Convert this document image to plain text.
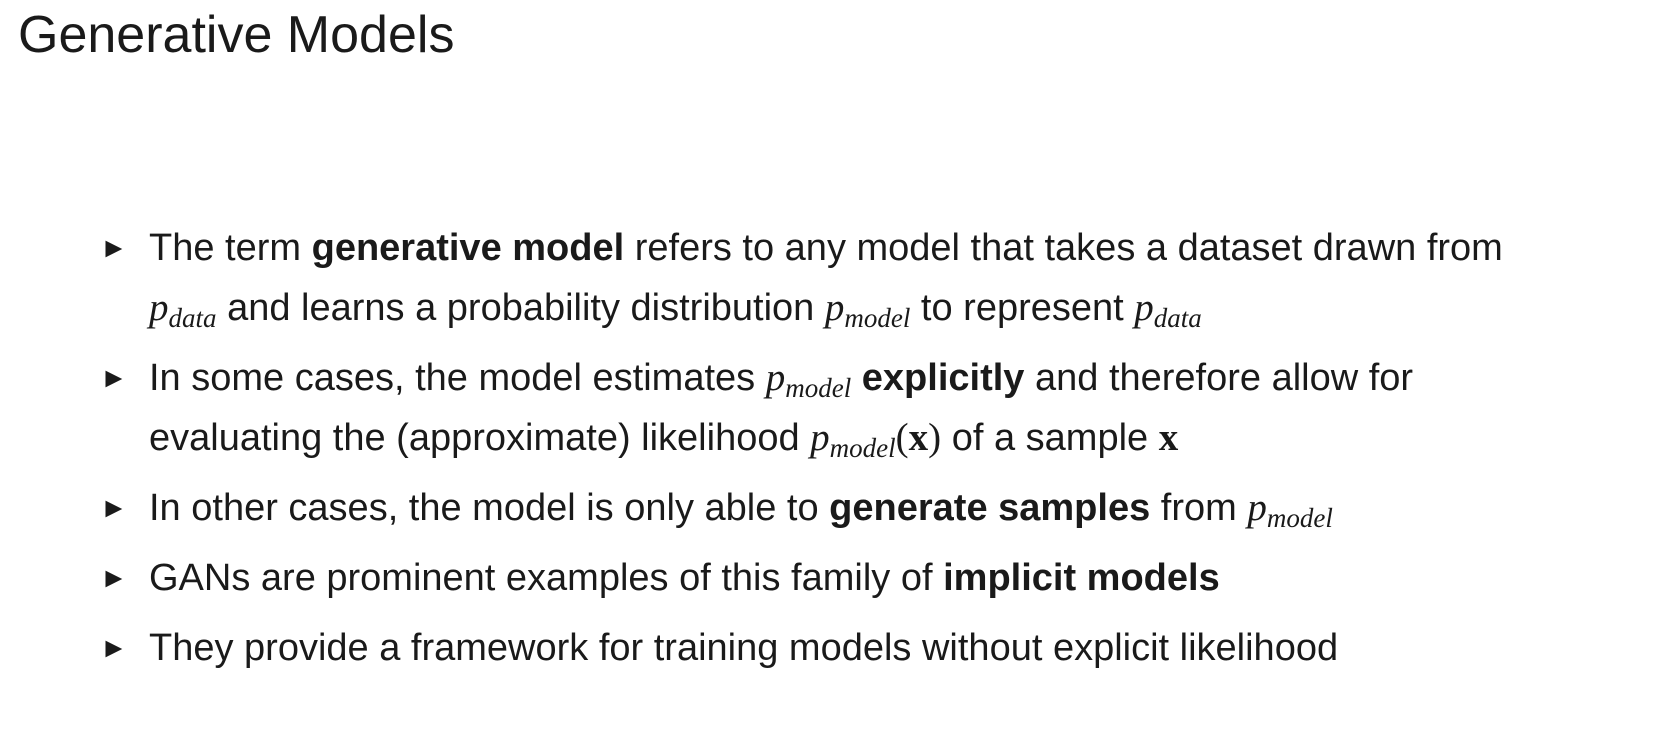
Generative Models
► The term generative model refers to any model that takes a dataset drawn from
$p_{data}$ and learns a probability distribution $p_{model}$ to represent $p_{data}$
► In some cases, the model estimates $p_{model}$ explicitly and therefore allow for
evaluating the (approximate) likelihood $p_{model}(x)$ of a sample x
► In other cases, the model is only able to generate samples from $p_{model}$
► GANs are prominent examples of this family of implicit models
► They provide a framework for training models without explicit likelihood
